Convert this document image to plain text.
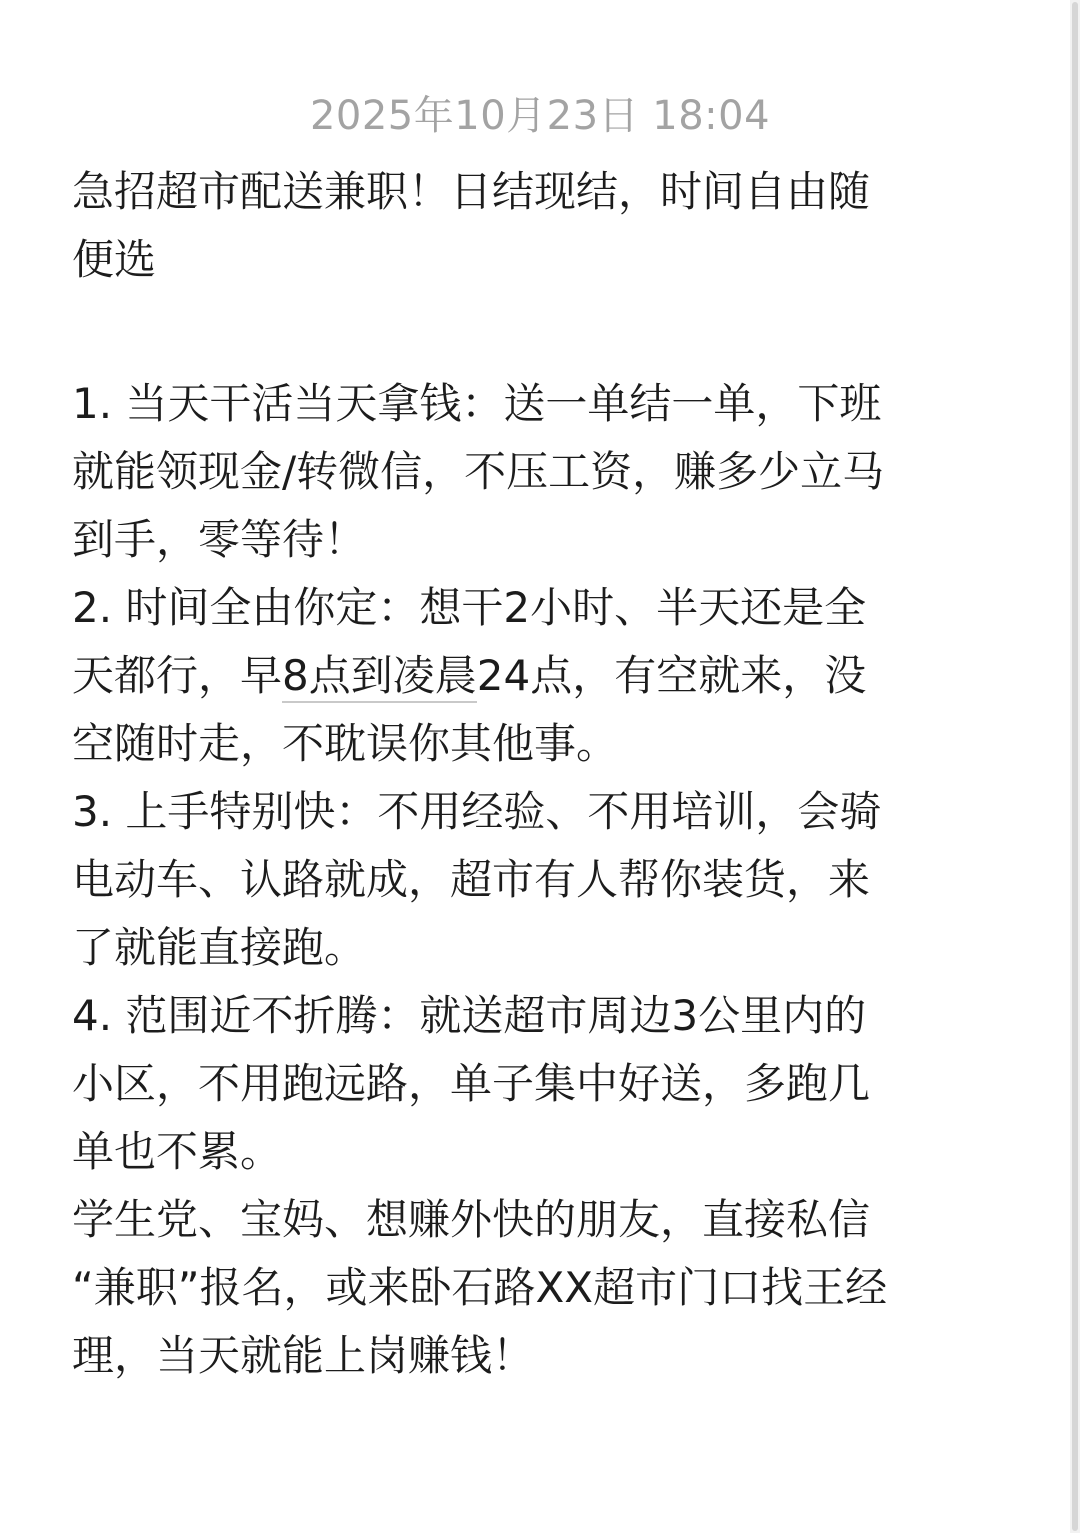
2025年10月23日 18:04
急招超市配送兼职！日结现结，时间自由随
便选
1. 当天干活当天拿钱：送一单结一单，下班
就能领现金/转微信，不压工资，赚多少立马
到手，零等待！
2. 时间全由你定：想干2小时、半天还是全
天都行，早8点到凌晨24点，有空就来，没
空随时走，不耽误你其他事。
3. 上手特别快：不用经验、不用培训，会骑
电动车、认路就成，超市有人帮你装货，来
了就能直接跑。
4. 范围近不折腾：就送超市周边3公里内的
小区，不用跑远路，单子集中好送，多跑几
单也不累。
学生党、宝妈、想赚外快的朋友，直接私信
“兼职”报名，或来卧石路XX超市门口找王经
理，当天就能上岗赚钱！
